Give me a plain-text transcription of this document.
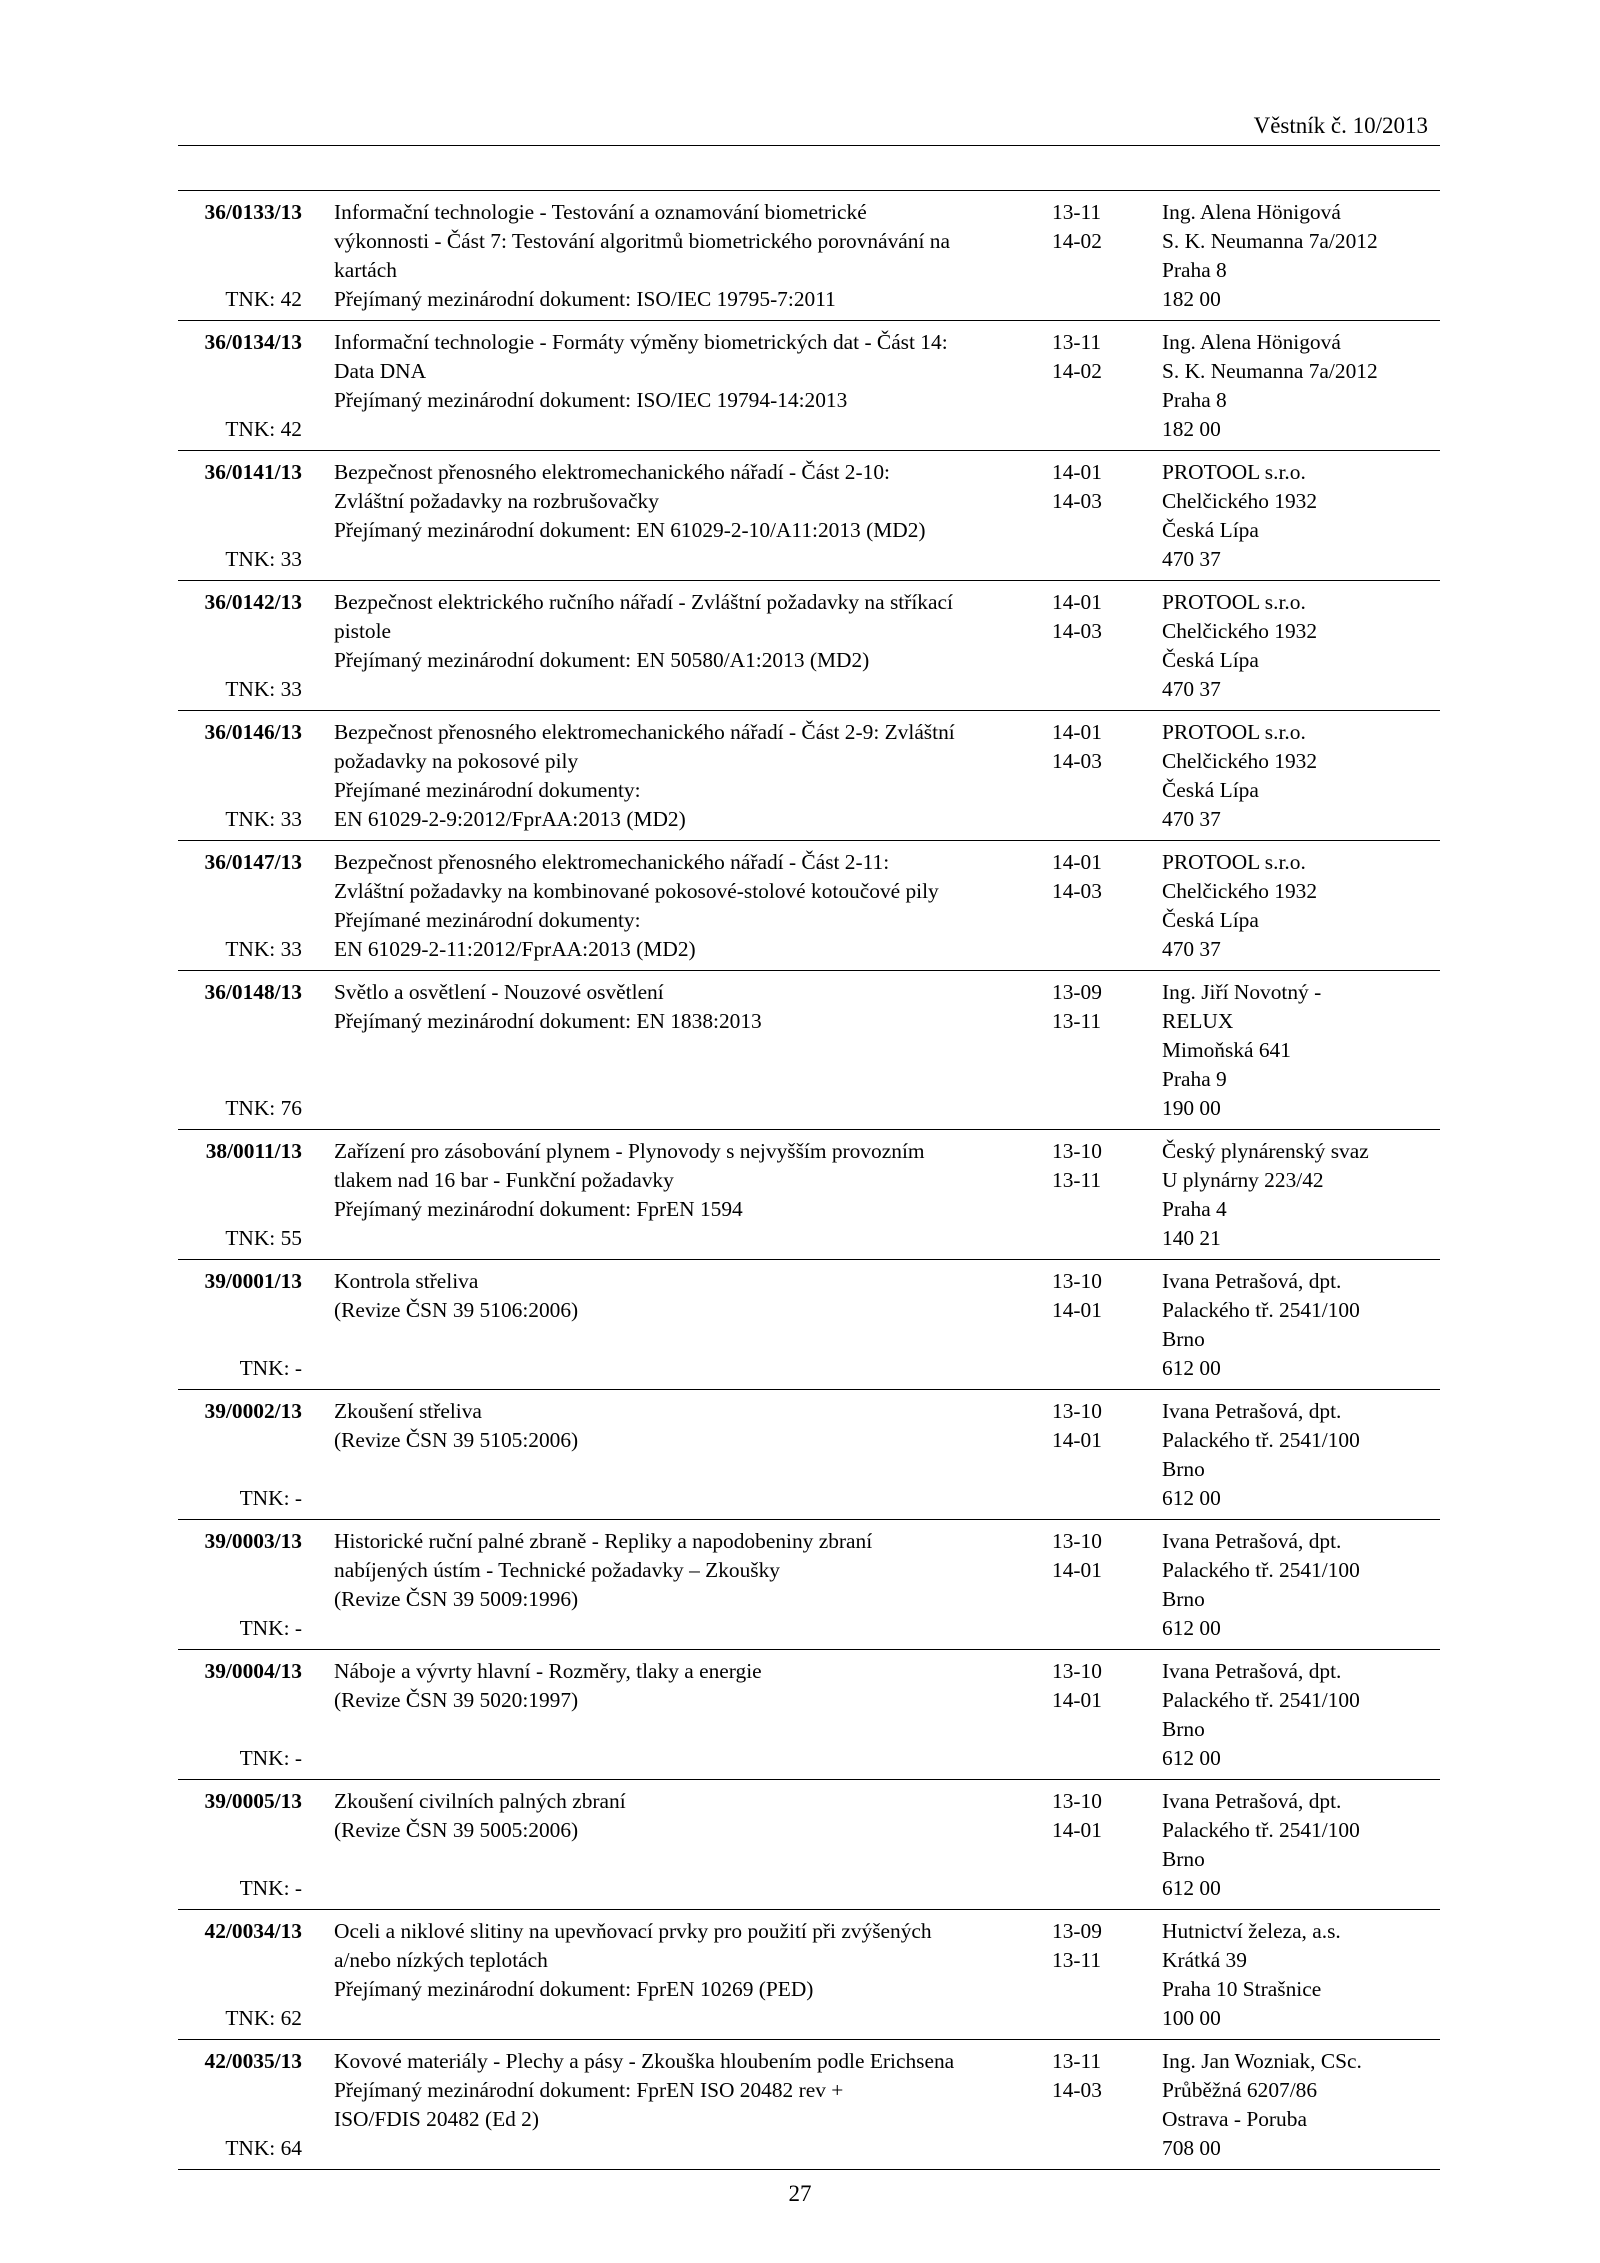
Věstník č. 10/2013
36/0133/13
TNK: 42
Informační technologie - Testování a oznamování biometrické
výkonnosti - Část 7: Testování algoritmů biometrického porovnávání na
kartách
Přejímaný mezinárodní dokument: ISO/IEC 19795-7:2011
13-11
14-02
Ing. Alena Hönigová
S. K. Neumanna 7a/2012
Praha 8
182 00
36/0134/13
TNK: 42
Informační technologie - Formáty výměny biometrických dat - Část 14:
Data DNA
Přejímaný mezinárodní dokument: ISO/IEC 19794-14:2013
13-11
14-02
Ing. Alena Hönigová
S. K. Neumanna 7a/2012
Praha 8
182 00
36/0141/13
TNK: 33
Bezpečnost přenosného elektromechanického nářadí - Část 2-10:
Zvláštní požadavky na rozbrušovačky
Přejímaný mezinárodní dokument: EN 61029-2-10/A11:2013 (MD2)
14-01
14-03
PROTOOL s.r.o.
Chelčického 1932
Česká Lípa
470 37
36/0142/13
TNK: 33
Bezpečnost elektrického ručního nářadí - Zvláštní požadavky na stříkací
pistole
Přejímaný mezinárodní dokument: EN 50580/A1:2013 (MD2)
14-01
14-03
PROTOOL s.r.o.
Chelčického 1932
Česká Lípa
470 37
36/0146/13
TNK: 33
Bezpečnost přenosného elektromechanického nářadí - Část 2-9: Zvláštní
požadavky na pokosové pily
Přejímané mezinárodní dokumenty:
EN 61029-2-9:2012/FprAA:2013 (MD2)
14-01
14-03
PROTOOL s.r.o.
Chelčického 1932
Česká Lípa
470 37
36/0147/13
TNK: 33
Bezpečnost přenosného elektromechanického nářadí - Část 2-11:
Zvláštní požadavky na kombinované pokosové-stolové kotoučové pily
Přejímané mezinárodní dokumenty:
EN 61029-2-11:2012/FprAA:2013 (MD2)
14-01
14-03
PROTOOL s.r.o.
Chelčického 1932
Česká Lípa
470 37
36/0148/13
TNK: 76
Světlo a osvětlení - Nouzové osvětlení
Přejímaný mezinárodní dokument: EN 1838:2013
13-09
13-11
Ing. Jiří Novotný -
RELUX
Mimoňská 641
Praha 9
190 00
38/0011/13
TNK: 55
Zařízení pro zásobování plynem - Plynovody s nejvyšším provozním
tlakem nad 16 bar - Funkční požadavky
Přejímaný mezinárodní dokument: FprEN 1594
13-10
13-11
Český plynárenský svaz
U plynárny 223/42
Praha 4
140 21
39/0001/13
TNK: -
Kontrola střeliva
(Revize ČSN 39 5106:2006)
13-10
14-01
Ivana Petrašová, dpt.
Palackého tř. 2541/100
Brno
612 00
39/0002/13
TNK: -
Zkoušení střeliva
(Revize ČSN 39 5105:2006)
13-10
14-01
Ivana Petrašová, dpt.
Palackého tř. 2541/100
Brno
612 00
39/0003/13
TNK: -
Historické ruční palné zbraně - Repliky a napodobeniny zbraní
nabíjených ústím - Technické požadavky – Zkoušky
(Revize ČSN 39 5009:1996)
13-10
14-01
Ivana Petrašová, dpt.
Palackého tř. 2541/100
Brno
612 00
39/0004/13
TNK: -
Náboje a vývrty hlavní - Rozměry, tlaky a energie
(Revize ČSN 39 5020:1997)
13-10
14-01
Ivana Petrašová, dpt.
Palackého tř. 2541/100
Brno
612 00
39/0005/13
TNK: -
Zkoušení civilních palných zbraní
(Revize ČSN 39 5005:2006)
13-10
14-01
Ivana Petrašová, dpt.
Palackého tř. 2541/100
Brno
612 00
42/0034/13
TNK: 62
Oceli a niklové slitiny na upevňovací prvky pro použití při zvýšených
a/nebo nízkých teplotách
Přejímaný mezinárodní dokument: FprEN 10269 (PED)
13-09
13-11
Hutnictví železa, a.s.
Krátká 39
Praha 10 Strašnice
100 00
42/0035/13
TNK: 64
Kovové materiály - Plechy a pásy - Zkouška hloubením podle Erichsena
Přejímaný mezinárodní dokument: FprEN ISO 20482 rev +
ISO/FDIS 20482 (Ed 2)
13-11
14-03
Ing. Jan Wozniak, CSc.
Průběžná 6207/86
Ostrava - Poruba
708 00
27
